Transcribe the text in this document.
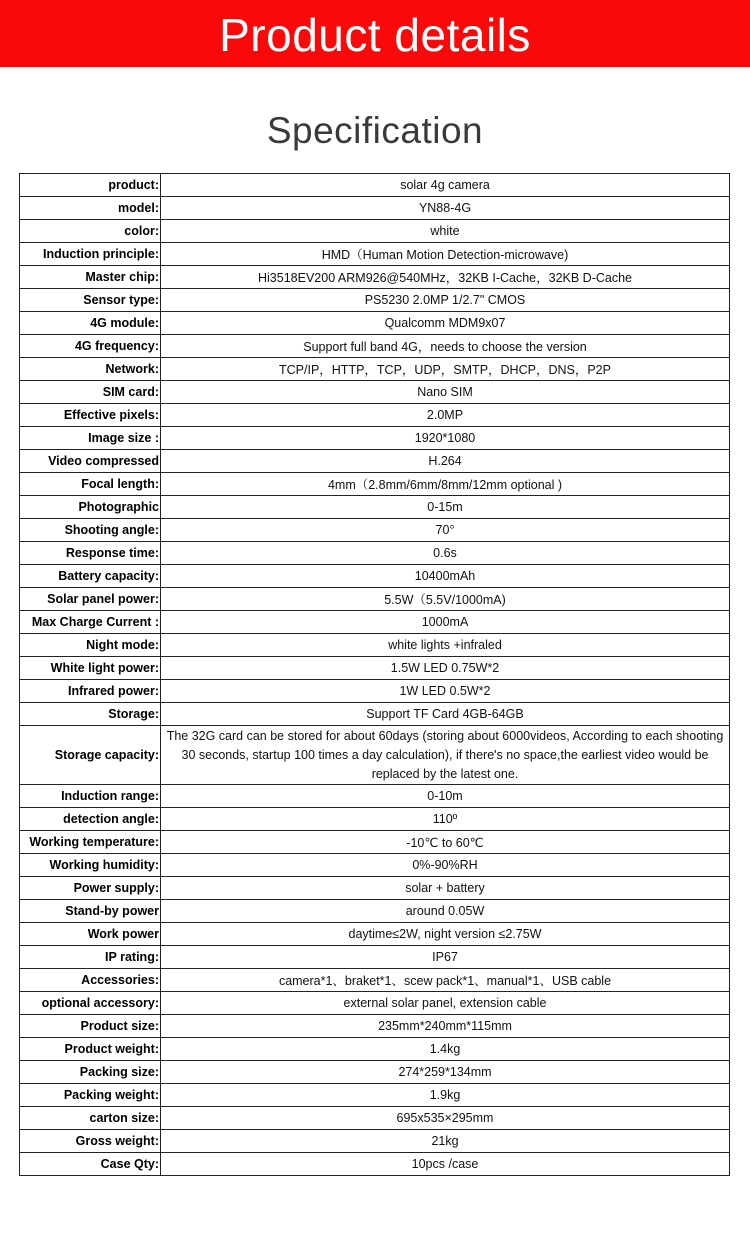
Product details
Specification
product:	solar 4g camera
model:	YN88-4G
color:	white
Induction principle:	HMD（Human Motion Detection-microwave)
Master chip:	Hi3518EV200 ARM926@540MHz，32KB I-Cache，32KB D-Cache
Sensor type:	PS5230 2.0MP 1/2.7" CMOS
4G module:	Qualcomm MDM9x07
4G frequency:	Support full band 4G，needs to choose the version
Network:	TCP/IP，HTTP，TCP，UDP，SMTP，DHCP，DNS，P2P
SIM card:	Nano SIM
Effective pixels:	2.0MP
Image size :	1920*1080
Video compressed	H.264
Focal length:	4mm（2.8mm/6mm/8mm/12mm optional )
Photographic	0-15m
Shooting angle:	70°
Response time:	0.6s
Battery capacity:	10400mAh
Solar panel power:	5.5W（5.5V/1000mA)
Max Charge Current :	1000mA
Night mode:	white lights +infraled
White light power:	1.5W LED 0.75W*2
Infrared power:	1W LED 0.5W*2
Storage:	Support TF Card 4GB-64GB
Storage capacity:	The 32G card can be stored for about 60days (storing about 6000videos, According to each shooting 30 seconds, startup 100 times a day calculation), if there's no space,the earliest video would be replaced by the latest one.
Induction range:	0-10m
detection angle:	110º
Working temperature:	-10℃ to 60℃
Working humidity:	0%-90%RH
Power supply:	solar + battery
Stand-by power	around 0.05W
Work power	daytime≤2W, night version ≤2.75W
IP rating:	IP67
Accessories:	camera*1、braket*1、scew pack*1、manual*1、USB cable
optional accessory:	external solar panel, extension cable
Product size:	235mm*240mm*115mm
Product weight:	1.4kg
Packing size:	274*259*134mm
Packing weight:	1.9kg
carton size:	695x535×295mm
Gross weight:	21kg
Case Qty:	10pcs /case
